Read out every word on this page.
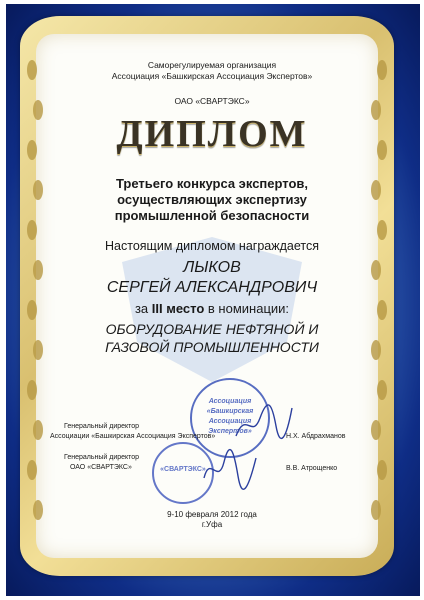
Саморегулируемая организация
Ассоциация «Башкирская Ассоциация Экспертов»
ОАО «СВАРТЭКС»
ДИПЛОМ
Третьего конкурса экспертов,
осуществляющих экспертизу
промышленной безопасности
Настоящим дипломом награждается
ЛЫКОВ
СЕРГЕЙ АЛЕКСАНДРОВИЧ
за III место в номинации:
ОБОРУДОВАНИЕ НЕФТЯНОЙ И
ГАЗОВОЙ ПРОМЫШЛЕННОСТИ
Ассоциация
«Башкирская
Ассоциация
Экспертов»
«СВАРТЭКС»
Генеральный директор
Ассоциации «Башкирская Ассоциация Экспертов»	Н.Х. Абдрахманов
Генеральный директор
ОАО «СВАРТЭКС»	В.В. Атрощенко
9-10 февраля 2012 года
г.Уфа
